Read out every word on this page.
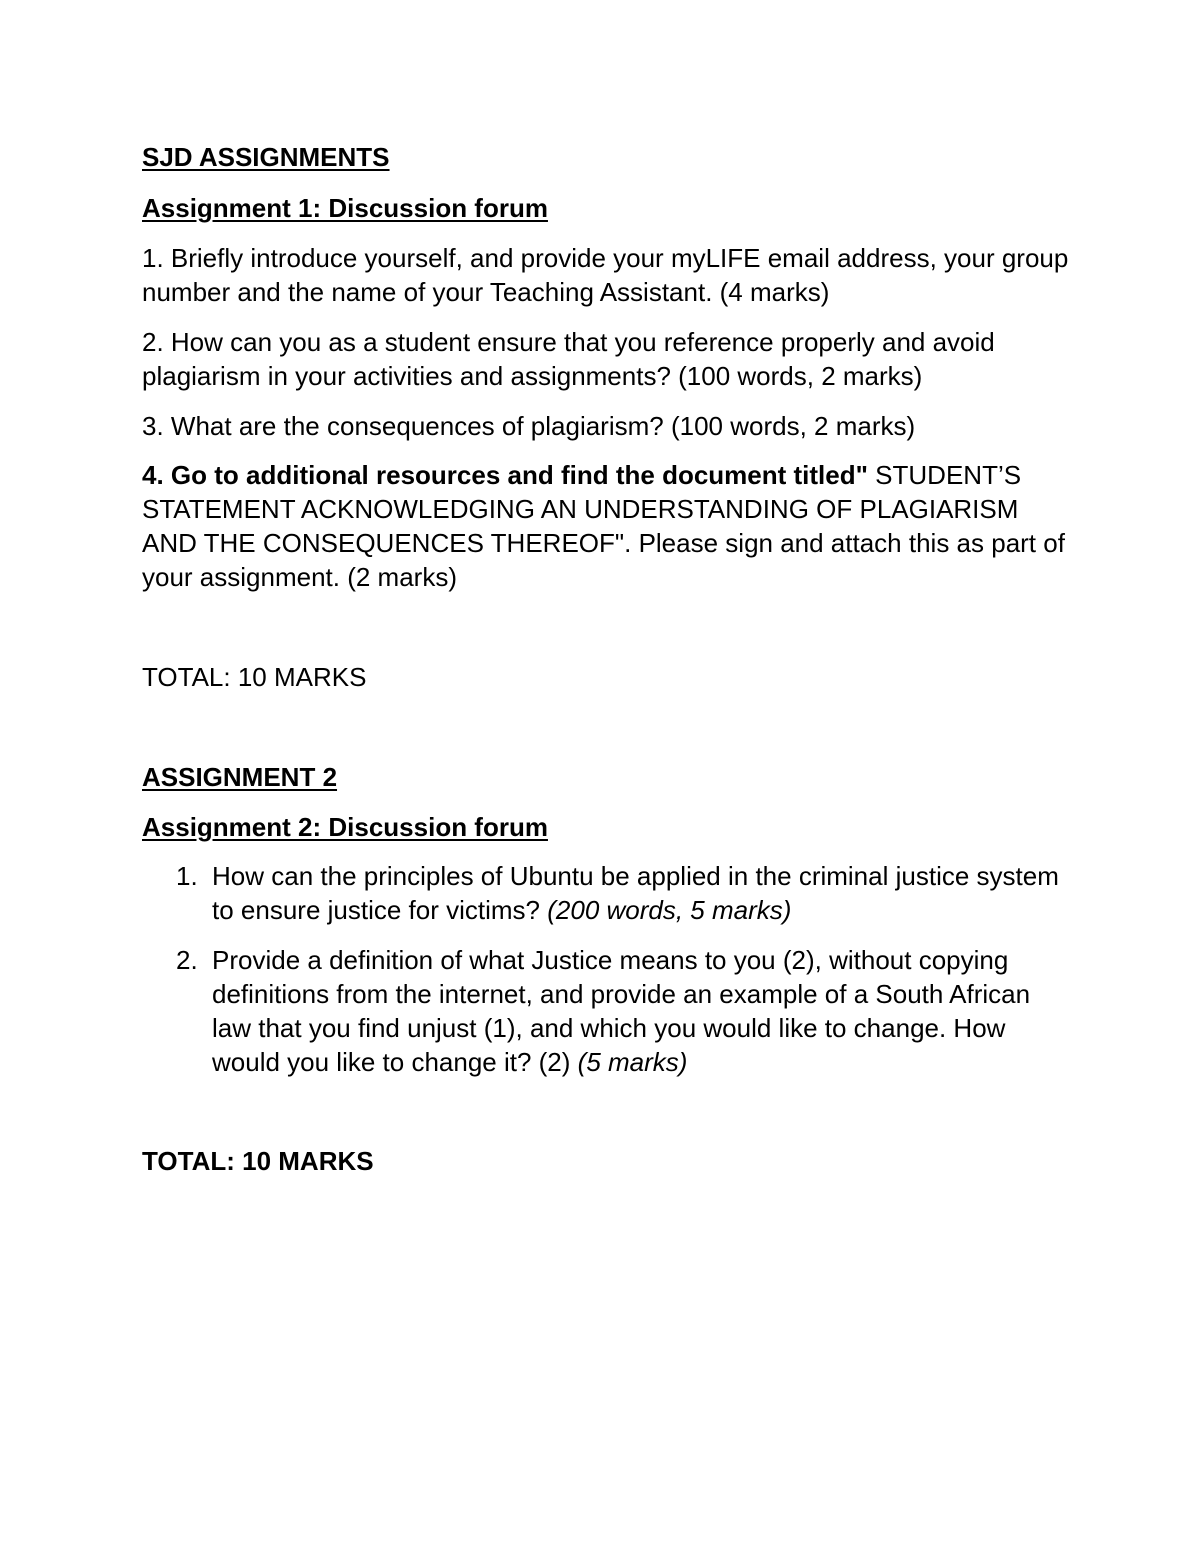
SJD ASSIGNMENTS
Assignment 1: Discussion forum
1. Briefly introduce yourself, and provide your myLIFE email address, your group number and the name of your Teaching Assistant. (4 marks)
2. How can you as a student ensure that you reference properly and avoid plagiarism in your activities and assignments? (100 words, 2 marks)
3. What are the consequences of plagiarism? (100 words, 2 marks)
4. Go to additional resources and find the document titled" STUDENT’S STATEMENT ACKNOWLEDGING AN UNDERSTANDING OF PLAGIARISM AND THE CONSEQUENCES THEREOF". Please sign and attach this as part of your assignment. (2 marks)
TOTAL: 10 MARKS
ASSIGNMENT 2
Assignment 2: Discussion forum
1. How can the principles of Ubuntu be applied in the criminal justice system to ensure justice for victims? (200 words, 5 marks)
2. Provide a definition of what Justice means to you (2), without copying definitions from the internet, and provide an example of a South African law that you find unjust (1), and which you would like to change. How would you like to change it? (2) (5 marks)
TOTAL: 10 MARKS
